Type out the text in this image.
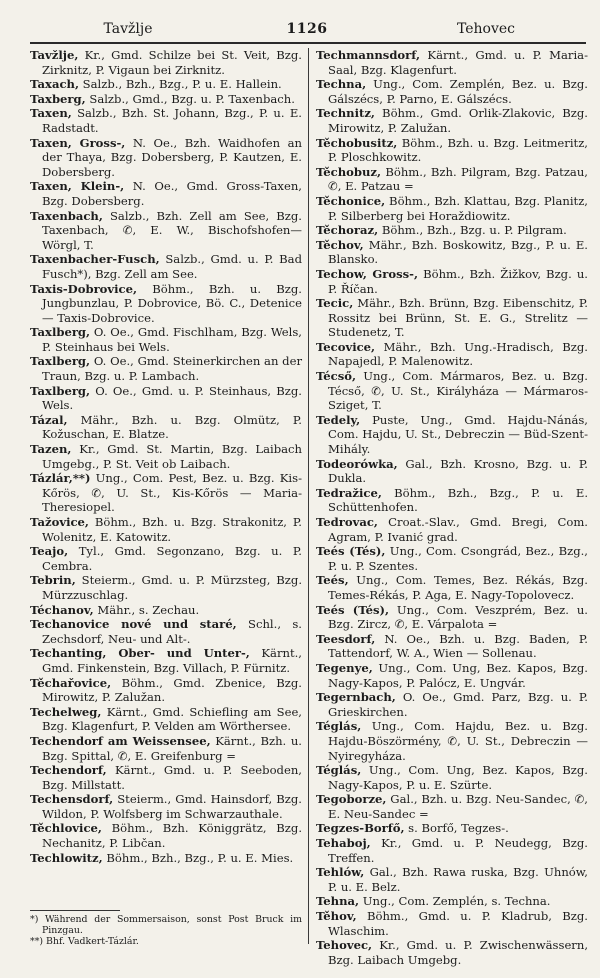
Tavžlje	1126	Tehovec

Tavžlje, Kr., Gmd. Schilze bei St. Veit, Bzg. Zirknitz, P. Vigaun bei Zirknitz.

Taxach, Salzb., Bzh., Bzg., P. u. E. Hallein.

Taxberg, Salzb., Gmd., Bzg. u. P. Taxenbach.

Taxen, Salzb., Bzh. St. Johann, Bzg., P. u. E. Radstadt.

Taxen, Gross-, N. Oe., Bzh. Waidhofen an der Thaya, Bzg. Dobersberg, P. Kautzen, E. Dobersberg.

Taxen, Klein-, N. Oe., Gmd. Gross-Taxen, Bzg. Dobersberg.

Taxenbach, Salzb., Bzh. Zell am See, Bzg. Taxenbach, ✆, E. W., Bischofshofen— Wörgl, T.

Taxenbacher-Fusch, Salzb., Gmd. u. P. Bad Fusch*), Bzg. Zell am See.

Taxis-Dobrovice, Böhm., Bzh. u. Bzg. Jungbunzlau, P. Dobrovice, Bö. C., Detenice — Taxis-Dobrovice.

Taxlberg, O. Oe., Gmd. Fischlham, Bzg. Wels, P. Steinhaus bei Wels.

Taxlberg, O. Oe., Gmd. Steinerkirchen an der Traun, Bzg. u. P. Lambach.

Taxlberg, O. Oe., Gmd. u. P. Steinhaus, Bzg. Wels.

Tázal, Mähr., Bzh. u. Bzg. Olmütz, P. Kožuschan, E. Blatze.

Tazen, Kr., Gmd. St. Martin, Bzg. Laibach Umgebg., P. St. Veit ob Laibach.

Tázlár,**) Ung., Com. Pest, Bez. u. Bzg. Kis-Kőrös, ✆, U. St., Kis-Kőrös — Maria-Theresiopel.

Tažovice, Böhm., Bzh. u. Bzg. Strakonitz, P. Wolenitz, E. Katowitz.

Teajo, Tyl., Gmd. Segonzano, Bzg. u. P. Cembra.

Tebrin, Steierm., Gmd. u. P. Mürzsteg, Bzg. Mürzzuschlag.

Téchanov, Mähr., s. Zechau.

Techanovice nové und staré, Schl., s. Zechsdorf, Neu- und Alt-.

Techanting, Ober- und Unter-, Kärnt., Gmd. Finkenstein, Bzg. Villach, P. Fürnitz.

Těchařovice, Böhm., Gmd. Zbenice, Bzg. Mirowitz, P. Zalužan.

Techelweg, Kärnt., Gmd. Schiefling am See, Bzg. Klagenfurt, P. Velden am Wörthersee.

Techendorf am Weissensee, Kärnt., Bzh. u. Bzg. Spittal, ✆, E. Greifenburg =

Techendorf, Kärnt., Gmd. u. P. Seeboden, Bzg. Millstatt.

Techensdorf, Steierm., Gmd. Hainsdorf, Bzg. Wildon, P. Wolfsberg im Schwarzauthale.

Těchlovice, Böhm., Bzh. Königgrätz, Bzg. Nechanitz, P. Libčan.

Techlowitz, Böhm., Bzh., Bzg., P. u. E. Mies.

Techmannsdorf, Kärnt., Gmd. u. P. Maria-Saal, Bzg. Klagenfurt.

Techna, Ung., Com. Zemplén, Bez. u. Bzg. Gálszécs, P. Parno, E. Gálszécs.

Technitz, Böhm., Gmd. Orlik-Zlakovic, Bzg. Mirowitz, P. Zalužan.

Těchobusitz, Böhm., Bzh. u. Bzg. Leitmeritz, P. Ploschkowitz.

Těchobuz, Böhm., Bzh. Pilgram, Bzg. Patzau, ✆, E. Patzau =

Těchonice, Böhm., Bzh. Klattau, Bzg. Planitz, P. Silberberg bei Horaždiowitz.

Těchoraz, Böhm., Bzh., Bzg. u. P. Pilgram.

Těchov, Mähr., Bzh. Boskowitz, Bzg., P. u. E. Blansko.

Techow, Gross-, Böhm., Bzh. Žižkov, Bzg. u. P. Říčan.

Tecic, Mähr., Bzh. Brünn, Bzg. Eibenschitz, P. Rossitz bei Brünn, St. E. G., Strelitz — Studenetz, T.

Tecovice, Mähr., Bzh. Ung.-Hradisch, Bzg. Napajedl, P. Malenowitz.

Técső, Ung., Com. Mármaros, Bez. u. Bzg. Técső, ✆, U. St., Királyháza — Mármaros-Sziget, T.

Tedely, Puste, Ung., Gmd. Hajdu-Nánás, Com. Hajdu, U. St., Debreczin — Büd-Szent-Mihály.

Todeorówka, Gal., Bzh. Krosno, Bzg. u. P. Dukla.

Tedražice, Böhm., Bzh., Bzg., P. u. E. Schüttenhofen.

Tedrovac, Croat.-Slav., Gmd. Bregi, Com. Agram, P. Ivanić grad.

Teés (Tés), Ung., Com. Csongrád, Bez., Bzg., P. u. P. Szentes.

Teés, Ung., Com. Temes, Bez. Rékás, Bzg. Temes-Rékás, P. Aga, E. Nagy-Topolovecz.

Teés (Tés), Ung., Com. Veszprém, Bez. u. Bzg. Zircz, ✆, E. Várpalota =

Teesdorf, N. Oe., Bzh. u. Bzg. Baden, P. Tattendorf, W. A., Wien — Sollenau.

Tegenye, Ung., Com. Ung, Bez. Kapos, Bzg. Nagy-Kapos, P. Palócz, E. Ungvár.

Tegernbach, O. Oe., Gmd. Parz, Bzg. u. P. Grieskirchen.

Téglás, Ung., Com. Hajdu, Bez. u. Bzg. Hajdu-Böszörmény, ✆, U. St., Debreczin — Nyiregyháza.

Téglás, Ung., Com. Ung, Bez. Kapos, Bzg. Nagy-Kapos, P. u. E. Szürte.

Tegoborze, Gal., Bzh. u. Bzg. Neu-Sandec, ✆, E. Neu-Sandec =

Tegzes-Borfő, s. Borfő, Tegzes-.

Tehaboj, Kr., Gmd. u. P. Neudegg, Bzg. Treffen.

Tehlów, Gal., Bzh. Rawa ruska, Bzg. Uhnów, P. u. E. Belz.

Tehna, Ung., Com. Zemplén, s. Techna.

Těhov, Böhm., Gmd. u. P. Kladrub, Bzg. Wlaschim.

Tehovec, Kr., Gmd. u. P. Zwischenwässern, Bzg. Laibach Umgebg.

*) Während der Sommersaison, sonst Post Bruck im Pinzgau.

**) Bhf. Vadkert-Tázlár.
